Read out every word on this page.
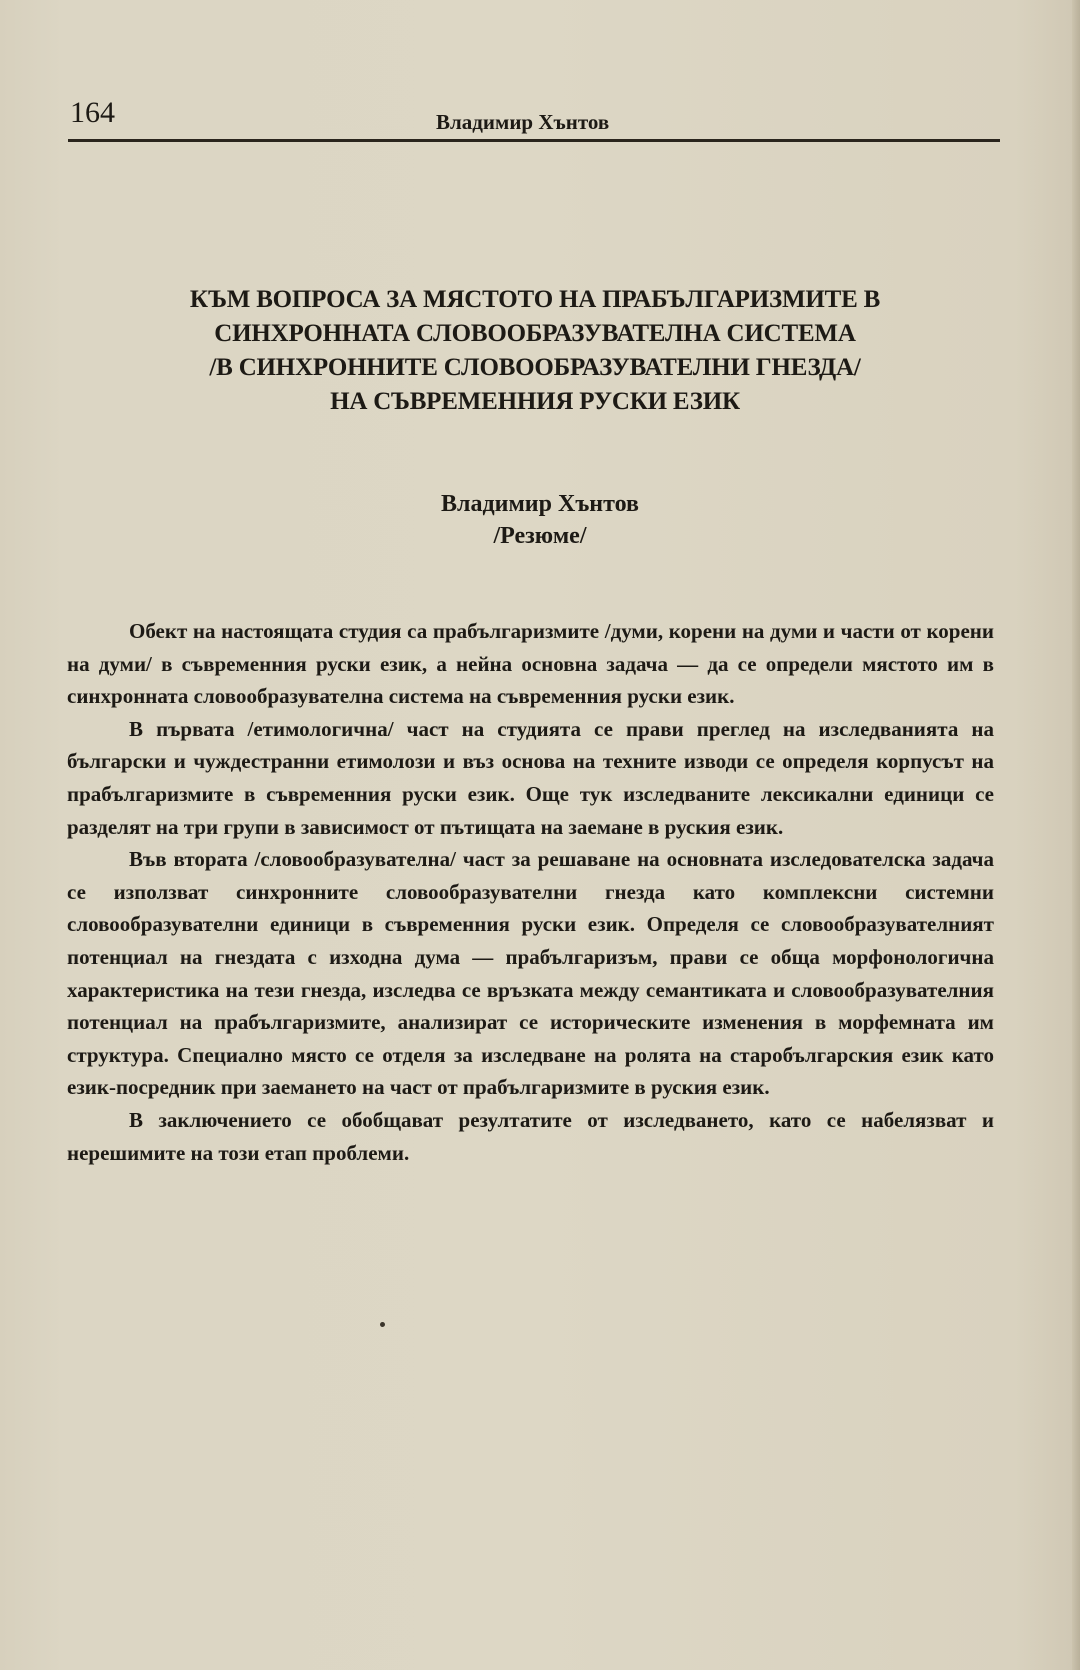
164	Владимир Хънтов
КЪМ ВОПРОСА ЗА МЯСТОТО НА ПРАБЪЛГАРИЗМИТЕ В
СИНХРОННАТА СЛОВООБРАЗУВАТЕЛНА СИСТЕМА
/В СИНХРОННИТЕ СЛОВООБРАЗУВАТЕЛНИ ГНЕЗДА/
НА СЪВРЕМЕННИЯ РУСКИ ЕЗИК
Владимир Хънтов
/Резюме/

Обект на настоящата студия са прабългаризмите /думи, корени на думи и части от корени на думи/ в съвременния руски език, а нейна основна задача — да се определи мястото им в синхронната словообразувателна система на съвременния руски език.

В първата /етимологична/ част на студията се прави преглед на изследванията на български и чуждестранни етимолози и въз основа на техните изводи се определя корпусът на прабългаризмите в съвременния руски език. Още тук изследваните лексикални единици се разделят на три групи в зависимост от пътищата на заемане в руския език.

Във втората /словообразувателна/ част за решаване на основната изследователска задача се използват синхронните словообразувателни гнезда като комплексни системни словообразувателни единици в съвременния руски език. Определя се словообразувателният потенциал на гнездата с изходна дума — прабългаризъм, прави се обща морфонологична характеристика на тези гнезда, изследва се връзката между семантиката и словообразувателния потенциал на прабългаризмите, анализират се историческите изменения в морфемната им структура. Специално място се отделя за изследване на ролята на старобългарския език като език-посредник при заемането на част от прабългаризмите в руския език.

В заключението се обобщават резултатите от изследването, като се набелязват и нерешимите на този етап проблеми.
